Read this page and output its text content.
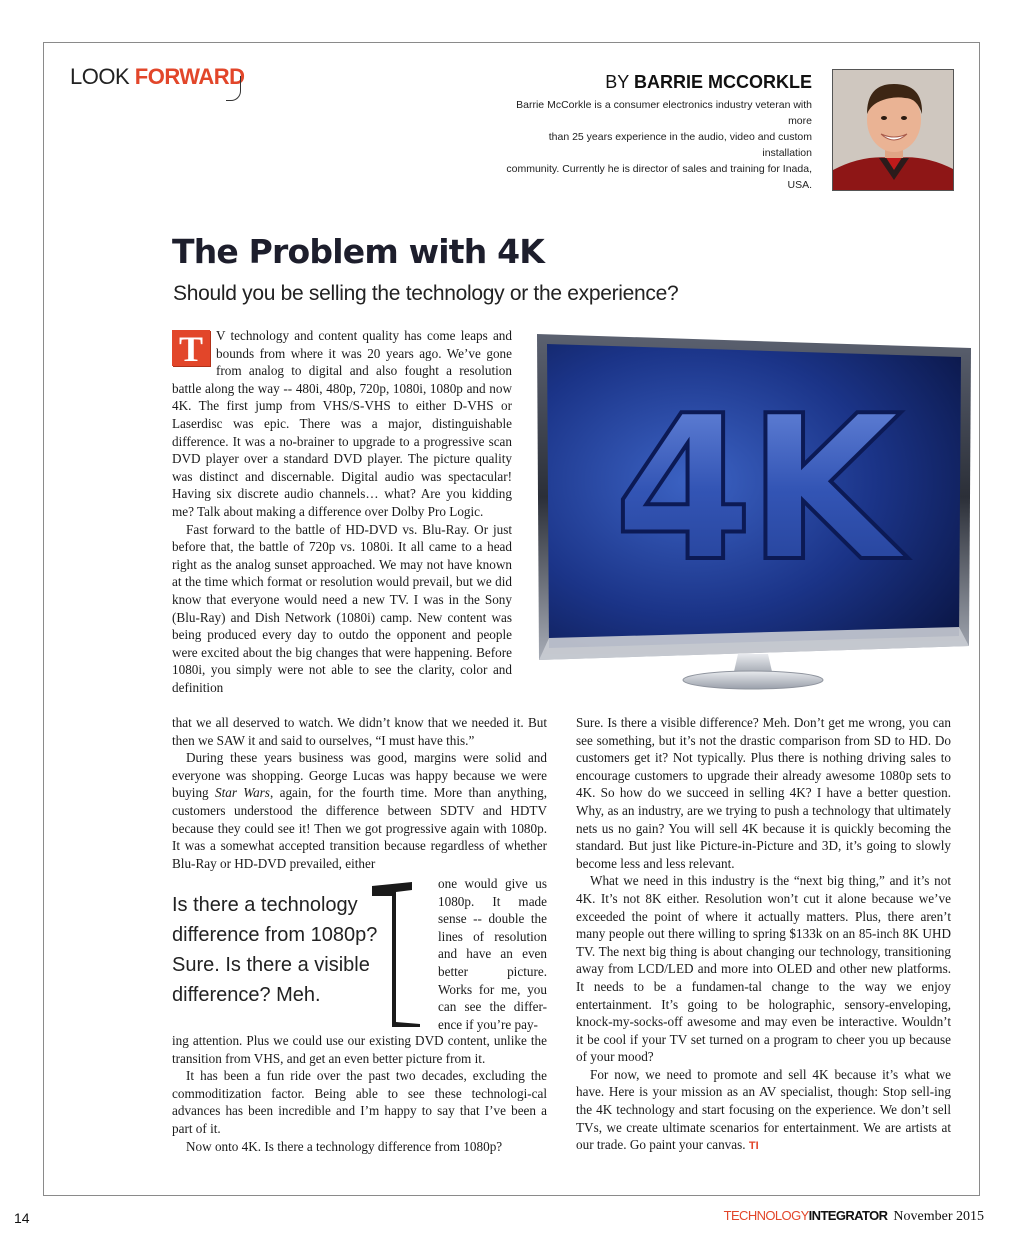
LOOK FORWARD	BY BARRIE MCCORKLE
Barrie McCorkle is a consumer electronics industry veteran with more
than 25 years experience in the audio, video and custom installation
community. Currently he is director of sales and training for Inada, USA.
The Problem with 4K
Should you be selling the technology or the experience?

T V technology and content quality has come leaps and bounds from where it was 20 years ago. We’ve gone from analog to digital and also fought a resolution battle along the way -- 480i, 480p, 720p, 1080i, 1080p and now 4K. The first jump from VHS/S-VHS to either D-VHS or Laserdisc was epic. There was a major, distinguishable difference. It was a no-brainer to upgrade to a progressive scan DVD player over a standard DVD player. The picture quality was distinct and discernable. Digital audio was spectacular! Having six discrete audio channels… what? Are you kidding me? Talk about making a difference over Dolby Pro Logic.

Fast forward to the battle of HD-DVD vs. Blu-Ray. Or just before that, the battle of 720p vs. 1080i. It all came to a head right as the analog sunset approached. We may not have known at the time which format or resolution would prevail, but we did know that everyone would need a new TV. I was in the Sony (Blu-Ray) and Dish Network (1080i) camp. New content was being produced every day to outdo the opponent and people were excited about the big changes that were happening. Before 1080i, you simply were not able to see the clarity, color and definition

4K

that we all deserved to watch. We didn’t know that we needed it. But then we SAW it and said to ourselves, “I must have this.”

During these years business was good, margins were solid and everyone was shopping. George Lucas was happy because we were buying Star Wars, again, for the fourth time. More than anything, customers understood the difference between SDTV and HDTV because they could see it! Then we got progressive again with 1080p. It was a somewhat accepted transition because regardless of whether Blu-Ray or HD-DVD prevailed, either

Is there a technology difference from 1080p? Sure. Is there a visible difference? Meh.
one would give us 1080p. It made sense -- double the lines of resolution and have an even better picture. Works for me, you can see the differ-ence if you’re pay-

ing attention. Plus we could use our existing DVD content, unlike the transition from VHS, and get an even better picture from it.

It has been a fun ride over the past two decades, excluding the commoditization factor. Being able to see these technologi-cal advances has been incredible and I’m happy to say that I’ve been a part of it.

Now onto 4K. Is there a technology difference from 1080p?

Sure. Is there a visible difference? Meh. Don’t get me wrong, you can see something, but it’s not the drastic comparison from SD to HD. Do customers get it? Not typically. Plus there is nothing driving sales to encourage customers to upgrade their already awesome 1080p sets to 4K. So how do we succeed in selling 4K? I have a better question. Why, as an industry, are we trying to push a technology that ultimately nets us no gain? You will sell 4K because it is quickly becoming the standard. But just like Picture-in-Picture and 3D, it’s going to slowly become less and less relevant.

What we need in this industry is the “next big thing,” and it’s not 4K. It’s not 8K either. Resolution won’t cut it alone because we’ve exceeded the point of where it actually matters. Plus, there aren’t many people out there willing to spring $133k on an 85-inch 8K UHD TV. The next big thing is about changing our technology, transitioning away from LCD/LED and more into OLED and other new platforms. It needs to be a fundamen-tal change to the way we enjoy entertainment. It’s going to be holographic, sensory-enveloping, knock-my-socks-off awesome and may even be interactive. Wouldn’t it be cool if your TV set turned on a program to cheer you up because of your mood?

For now, we need to promote and sell 4K because it’s what we have. Here is your mission as an AV specialist, though: Stop sell-ing the 4K technology and start focusing on the experience. We don’t sell TVs, we create ultimate scenarios for entertainment. We are artists at our trade. Go paint your canvas. TI

14	TECHNOLOGYINTEGRATOR November 2015
